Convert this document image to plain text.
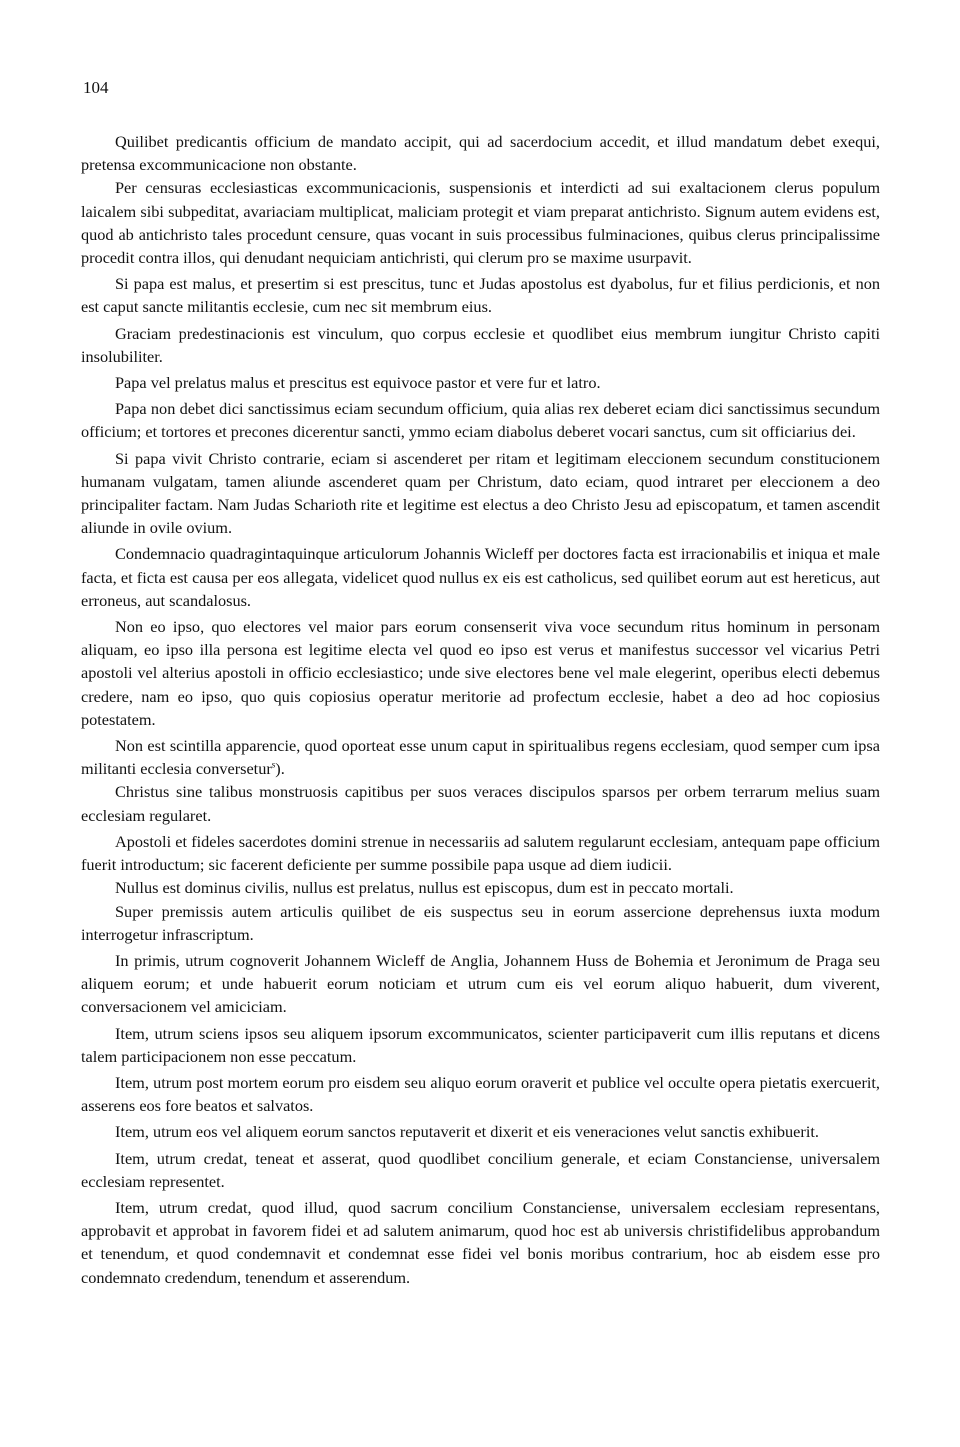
104

Quilibet predicantis officium de mandato accipit, qui ad sacerdocium accedit, et illud mandatum debet exequi, pretensa excommunicacione non obstante.

Per censuras ecclesiasticas excommunicacionis, suspensionis et interdicti ad sui exaltacionem clerus populum laicalem sibi subpeditat, avariaciam multiplicat, maliciam protegit et viam preparat antichristo. Signum autem evidens est, quod ab antichristo tales procedunt censure, quas vocant in suis processibus fulminaciones, quibus clerus principalissime procedit contra illos, qui denudant nequiciam antichristi, qui clerum pro se maxime usurpavit.

Si papa est malus, et presertim si est prescitus, tunc et Judas apostolus est dyabolus, fur et filius perdicionis, et non est caput sancte militantis ecclesie, cum nec sit membrum eius.

Graciam predestinacionis est vinculum, quo corpus ecclesie et quodlibet eius membrum iungitur Christo capiti insolubiliter.

Papa vel prelatus malus et prescitus est equivoce pastor et vere fur et latro.

Papa non debet dici sanctissimus eciam secundum officium, quia alias rex deberet eciam dici sanctissimus secundum officium; et tortores et precones dicerentur sancti, ymmo eciam diabolus deberet vocari sanctus, cum sit officiarius dei.

Si papa vivit Christo contrarie, eciam si ascenderet per ritam et legitimam eleccionem secundum constitucionem humanam vulgatam, tamen aliunde ascenderet quam per Christum, dato eciam, quod intraret per eleccionem a deo principaliter factam. Nam Judas Scharioth rite et legitime est electus a deo Christo Jesu ad episcopatum, et tamen ascendit aliunde in ovile ovium.

Condemnacio quadragintaquinque articulorum Johannis Wicleff per doctores facta est irracionabilis et iniqua et male facta, et ficta est causa per eos allegata, videlicet quod nullus ex eis est catholicus, sed quilibet eorum aut est hereticus, aut erroneus, aut scandalosus.

Non eo ipso, quo electores vel maior pars eorum consenserit viva voce secundum ritus hominum in personam aliquam, eo ipso illa persona est legitime electa vel quod eo ipso est verus et manifestus successor vel vicarius Petri apostoli vel alterius apostoli in officio ecclesiastico; unde sive electores bene vel male elegerint, operibus electi debemus credere, nam eo ipso, quo quis copiosius operatur meritorie ad profectum ecclesie, habet a deo ad hoc copiosius potestatem.

Non est scintilla apparencie, quod oporteat esse unum caput in spiritualibus regens ecclesiam, quod semper cum ipsa militanti ecclesia conversetur$^s$).

Christus sine talibus monstruosis capitibus per suos veraces discipulos sparsos per orbem terrarum melius suam ecclesiam regularet.

Apostoli et fideles sacerdotes domini strenue in necessariis ad salutem regularunt ecclesiam, antequam pape officium fuerit introductum; sic facerent deficiente per summe possibile papa usque ad diem iudicii.

Nullus est dominus civilis, nullus est prelatus, nullus est episcopus, dum est in peccato mortali.

Super premissis autem articulis quilibet de eis suspectus seu in eorum assercione deprehensus iuxta modum interrogetur infrascriptum.

In primis, utrum cognoverit Johannem Wicleff de Anglia, Johannem Huss de Bohemia et Jeronimum de Praga seu aliquem eorum; et unde habuerit eorum noticiam et utrum cum eis vel eorum aliquo habuerit, dum viverent, conversacionem vel amiciciam.

Item, utrum sciens ipsos seu aliquem ipsorum excommunicatos, scienter participaverit cum illis reputans et dicens talem participacionem non esse peccatum.

Item, utrum post mortem eorum pro eisdem seu aliquo eorum oraverit et publice vel occulte opera pietatis exercuerit, asserens eos fore beatos et salvatos.

Item, utrum eos vel aliquem eorum sanctos reputaverit et dixerit et eis veneraciones velut sanctis exhibuerit.

Item, utrum credat, teneat et asserat, quod quodlibet concilium generale, et eciam Constanciense, universalem ecclesiam representet.

Item, utrum credat, quod illud, quod sacrum concilium Constanciense, universalem ecclesiam representans, approbavit et approbat in favorem fidei et ad salutem animarum, quod hoc est ab universis christifidelibus approbandum et tenendum, et quod condemnavit et condemnat esse fidei vel bonis moribus contrarium, hoc ab eisdem esse pro condemnato credendum, tenendum et asserendum.
